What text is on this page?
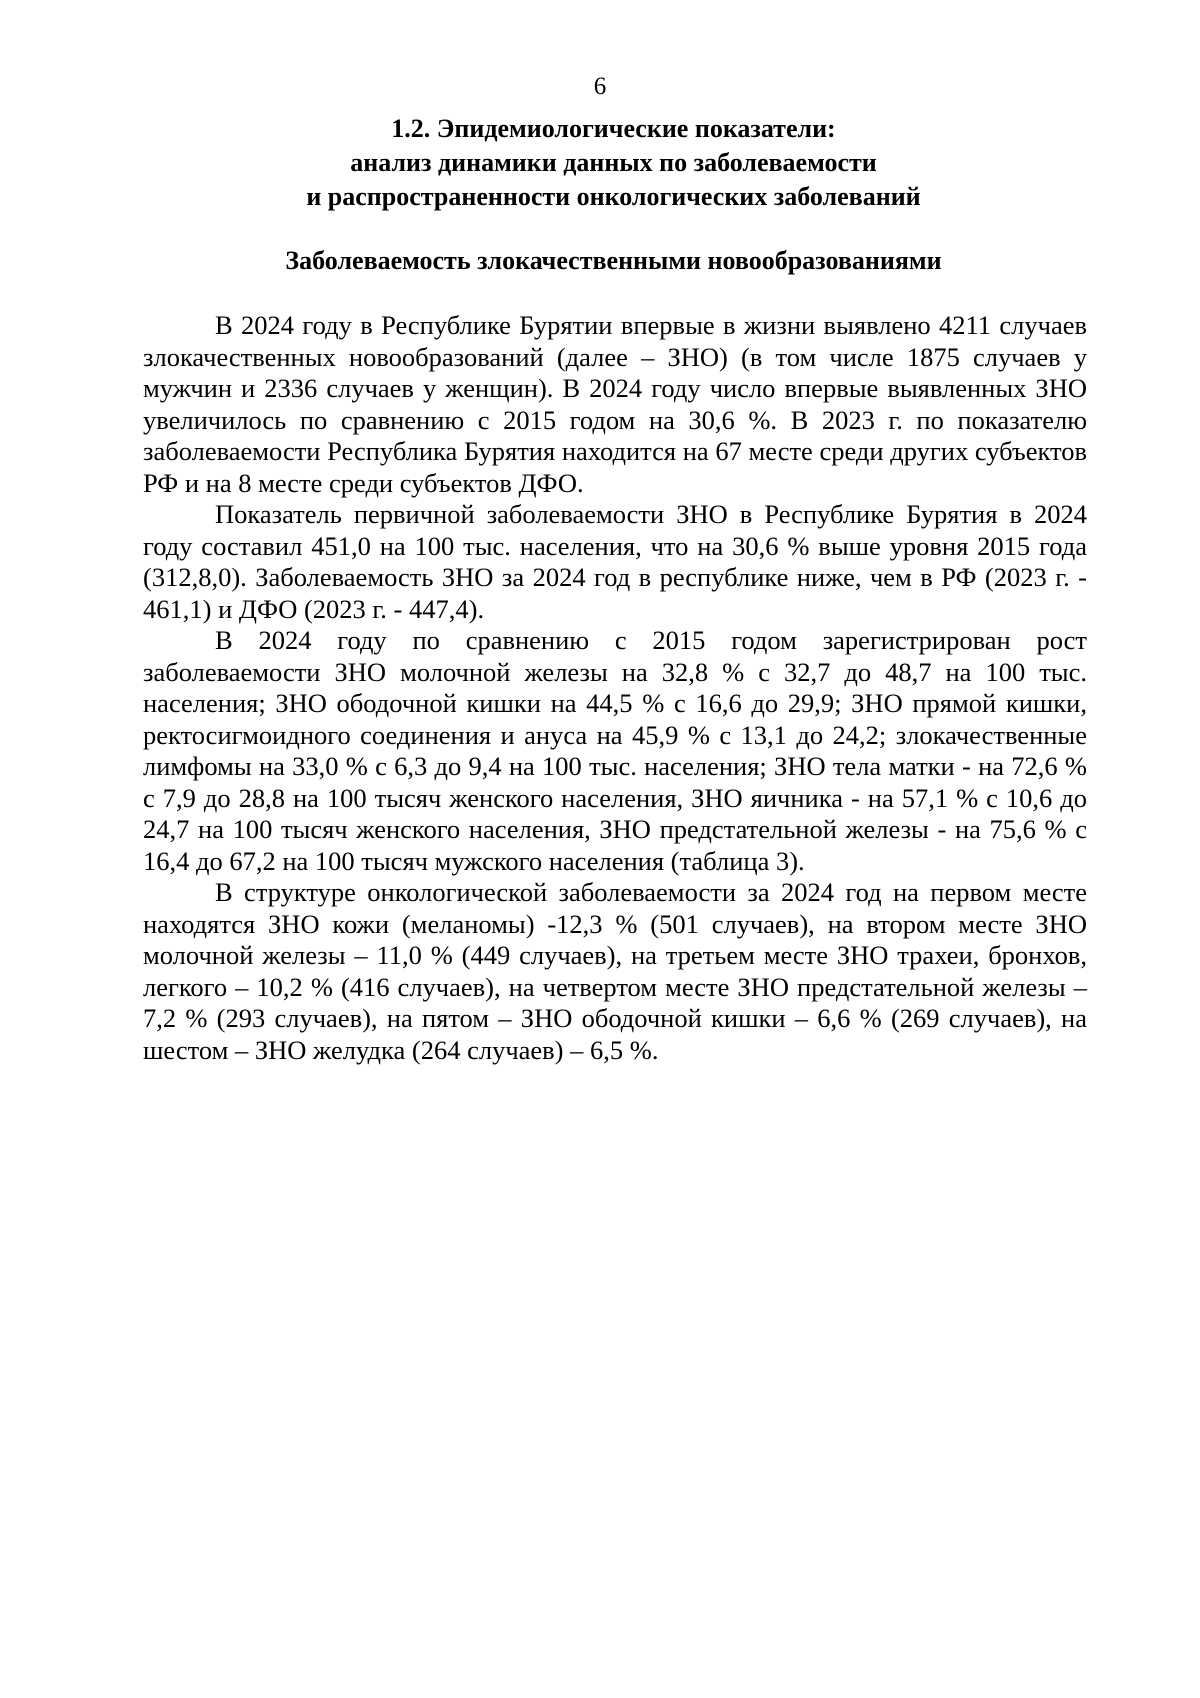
6
1.2. Эпидемиологические показатели:
анализ динамики данных по заболеваемости
и распространенности онкологических заболеваний
Заболеваемость злокачественными новообразованиями

В 2024 году в Республике Бурятии впервые в жизни выявлено 4211 случаев злокачественных новообразований (далее – ЗНО) (в том числе 1875 случаев у мужчин и 2336 случаев у женщин). В 2024 году число впервые выявленных ЗНО увеличилось по сравнению с 2015 годом на 30,6 %. В 2023 г. по показателю заболеваемости Республика Бурятия находится на 67 месте среди других субъектов РФ и на 8 месте среди субъектов ДФО.

Показатель первичной заболеваемости ЗНО в Республике Бурятия в 2024 году составил 451,0 на 100 тыс. населения, что на 30,6 % выше уровня 2015 года (312,8,0). Заболеваемость ЗНО за 2024 год в республике ниже, чем в РФ (2023 г. - 461,1) и ДФО (2023 г. - 447,4).

В 2024 году по сравнению с 2015 годом зарегистрирован рост заболеваемости ЗНО молочной железы на 32,8 % с 32,7 до 48,7 на 100 тыс. населения; ЗНО ободочной кишки на 44,5 % с 16,6 до 29,9; ЗНО прямой кишки, ректосигмоидного соединения и ануса на 45,9 % с 13,1 до 24,2; злокачественные лимфомы на 33,0 % с 6,3 до 9,4 на 100 тыс. населения; ЗНО тела матки - на 72,6 % с 7,9 до 28,8 на 100 тысяч женского населения, ЗНО яичника - на 57,1 % с 10,6 до 24,7 на 100 тысяч женского населения, ЗНО предстательной железы - на 75,6 % с 16,4 до 67,2 на 100 тысяч мужского населения (таблица 3).

В структуре онкологической заболеваемости за 2024 год на первом месте находятся ЗНО кожи (меланомы) -12,3 % (501 случаев), на втором месте ЗНО молочной железы – 11,0 % (449 случаев), на третьем месте ЗНО трахеи, бронхов, легкого – 10,2 % (416 случаев), на четвертом месте ЗНО предстательной железы – 7,2 % (293 случаев), на пятом – ЗНО ободочной кишки – 6,6 % (269 случаев), на шестом – ЗНО желудка (264 случаев) – 6,5 %.
